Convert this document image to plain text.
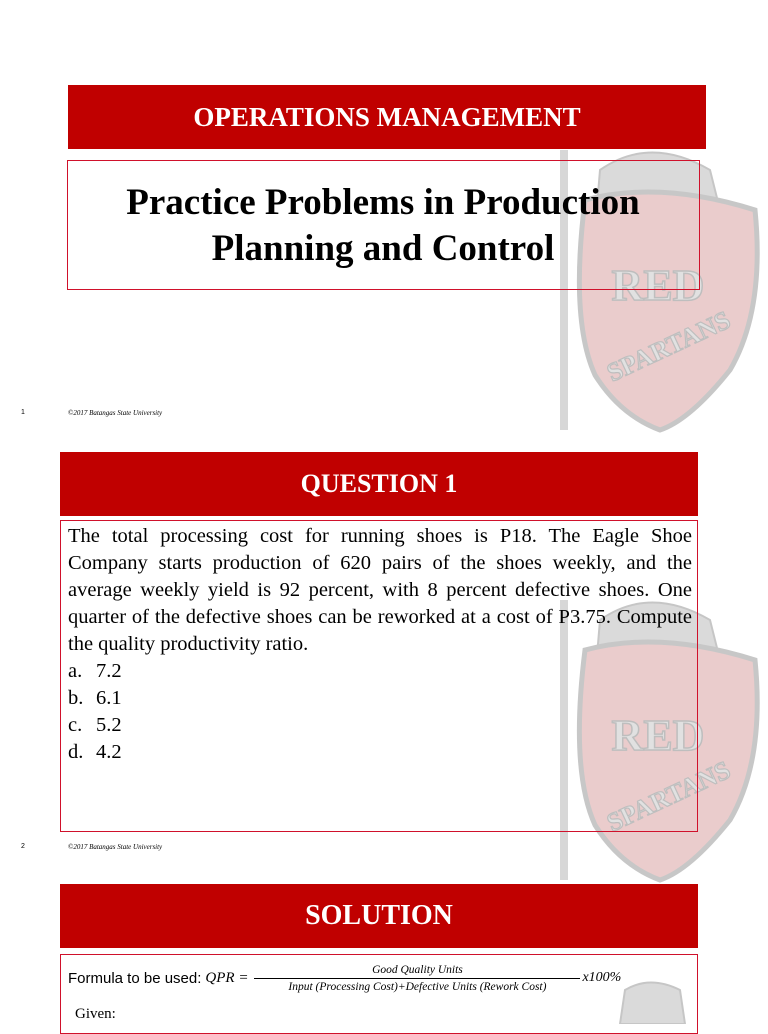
RED
SPARTANS
RED
SPARTANS
OPERATIONS MANAGEMENT
Practice Problems in Production
Planning and Control
1	©2017 Batangas State University
QUESTION 1
The total processing cost for running shoes is P18. The Eagle Shoe Company starts production of 620 pairs of the shoes weekly, and the average weekly yield is 92 percent, with 8 percent defective shoes. One quarter of the defective shoes can be reworked at a cost of P3.75. Compute the quality productivity ratio.
a. 7.2
b. 6.1
c. 5.2
d. 4.2
2	©2017 Batangas State University
SOLUTION
Formula to be used: QPR =	Good Quality Units
Input (Processing Cost)+Defective Units (Rework Cost)
x100%
Given:
